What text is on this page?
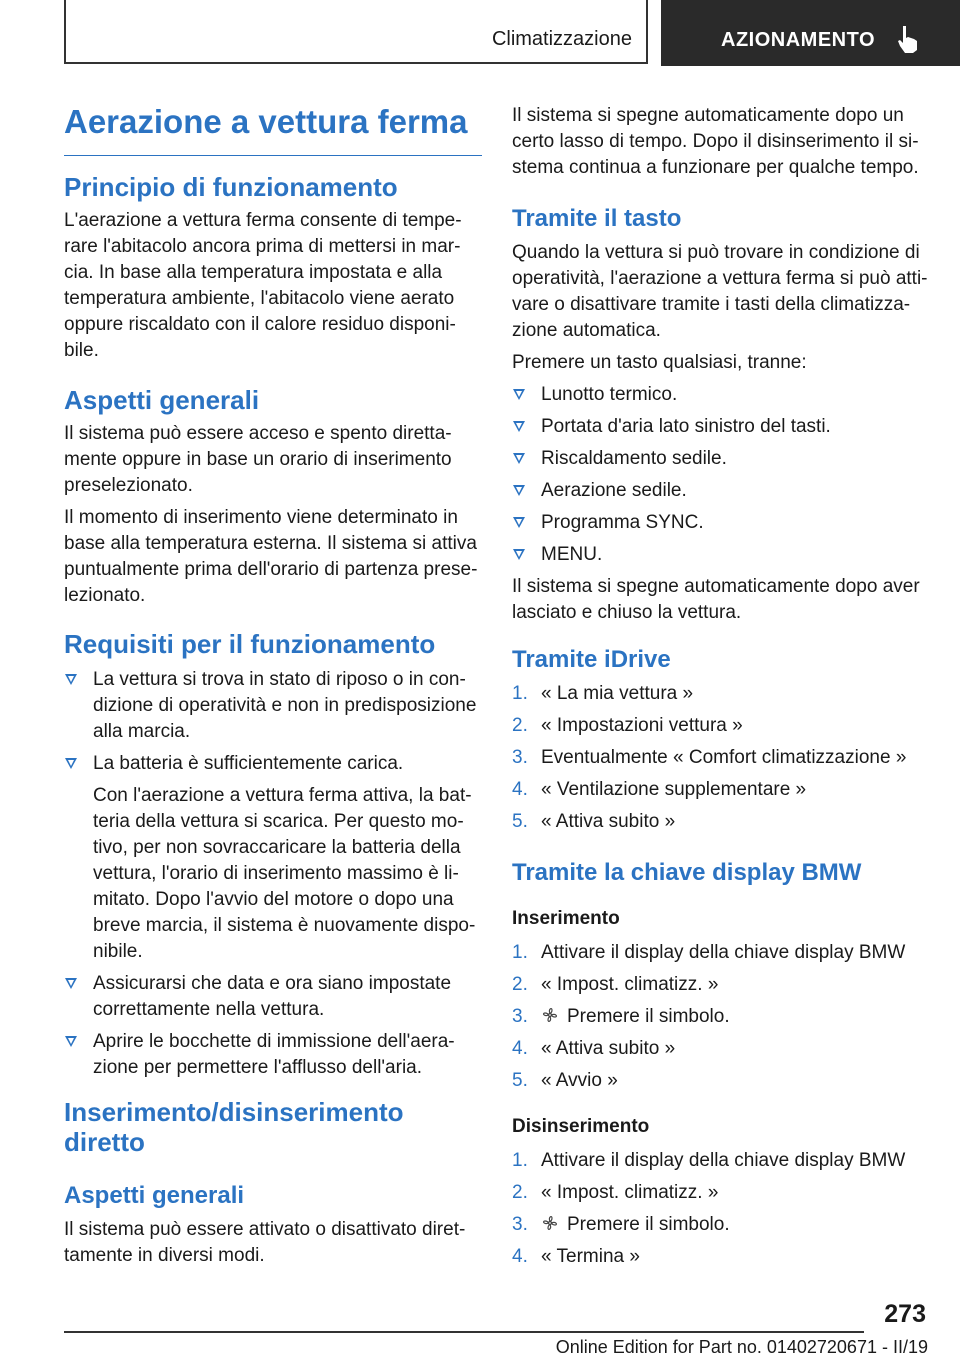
Climatizzazione	AZIONAMENTO
Aerazione a vettura ferma
Principio di funzionamento

L'aerazione a vettura ferma consente di tempe-rare l'abitacolo ancora prima di mettersi in mar-cia. In base alla temperatura impostata e alla temperatura ambiente, l'abitacolo viene aerato oppure riscaldato con il calore residuo disponi-bile.

Aspetti generali

Il sistema può essere acceso e spento diretta-mente oppure in base un orario di inserimento preselezionato.

Il momento di inserimento viene determinato in base alla temperatura esterna. Il sistema si attiva puntualmente prima dell'orario di partenza prese-lezionato.

Requisiti per il funzionamento
La vettura si trova in stato di riposo o in con-dizione di operatività e non in predisposizione alla marcia.
La batteria è sufficientemente carica.
Con l'aerazione a vettura ferma attiva, la bat-teria della vettura si scarica. Per questo mo-tivo, per non sovraccaricare la batteria della vettura, l'orario di inserimento massimo è li-mitato. Dopo l'avvio del motore o dopo una breve marcia, il sistema è nuovamente dispo-nibile.
Assicurarsi che data e ora siano impostate correttamente nella vettura.
Aprire le bocchette di immissione dell'aera-zione per permettere l'afflusso dell'aria.
Inserimento/disinserimento
diretto
Aspetti generali

Il sistema può essere attivato o disattivato diret-tamente in diversi modi.

Il sistema si spegne automaticamente dopo un certo lasso di tempo. Dopo il disinserimento il si-stema continua a funzionare per qualche tempo.

Tramite il tasto

Quando la vettura si può trovare in condizione di operatività, l'aerazione a vettura ferma si può atti-vare o disattivare tramite i tasti della climatizza-zione automatica.

Premere un tasto qualsiasi, tranne:

Lunotto termico.
Portata d'aria lato sinistro del tasti.
Riscaldamento sedile.
Aerazione sedile.
Programma SYNC.
MENU.

Il sistema si spegne automaticamente dopo aver lasciato e chiuso la vettura.

Tramite iDrive
1. « La mia vettura »
2. « Impostazioni vettura »
3. Eventualmente « Comfort climatizzazione »
4. « Ventilazione supplementare »
5. « Attiva subito »
Tramite la chiave display BMW

Inserimento

1. Attivare il display della chiave display BMW
2. « Impost. climatizz. »
3. Premere il simbolo.
4. « Attiva subito »
5. « Avvio »

Disinserimento

1. Attivare il display della chiave display BMW
2. « Impost. climatizz. »
3. Premere il simbolo.
4. « Termina »
273
Online Edition for Part no. 01402720671 - II/19
